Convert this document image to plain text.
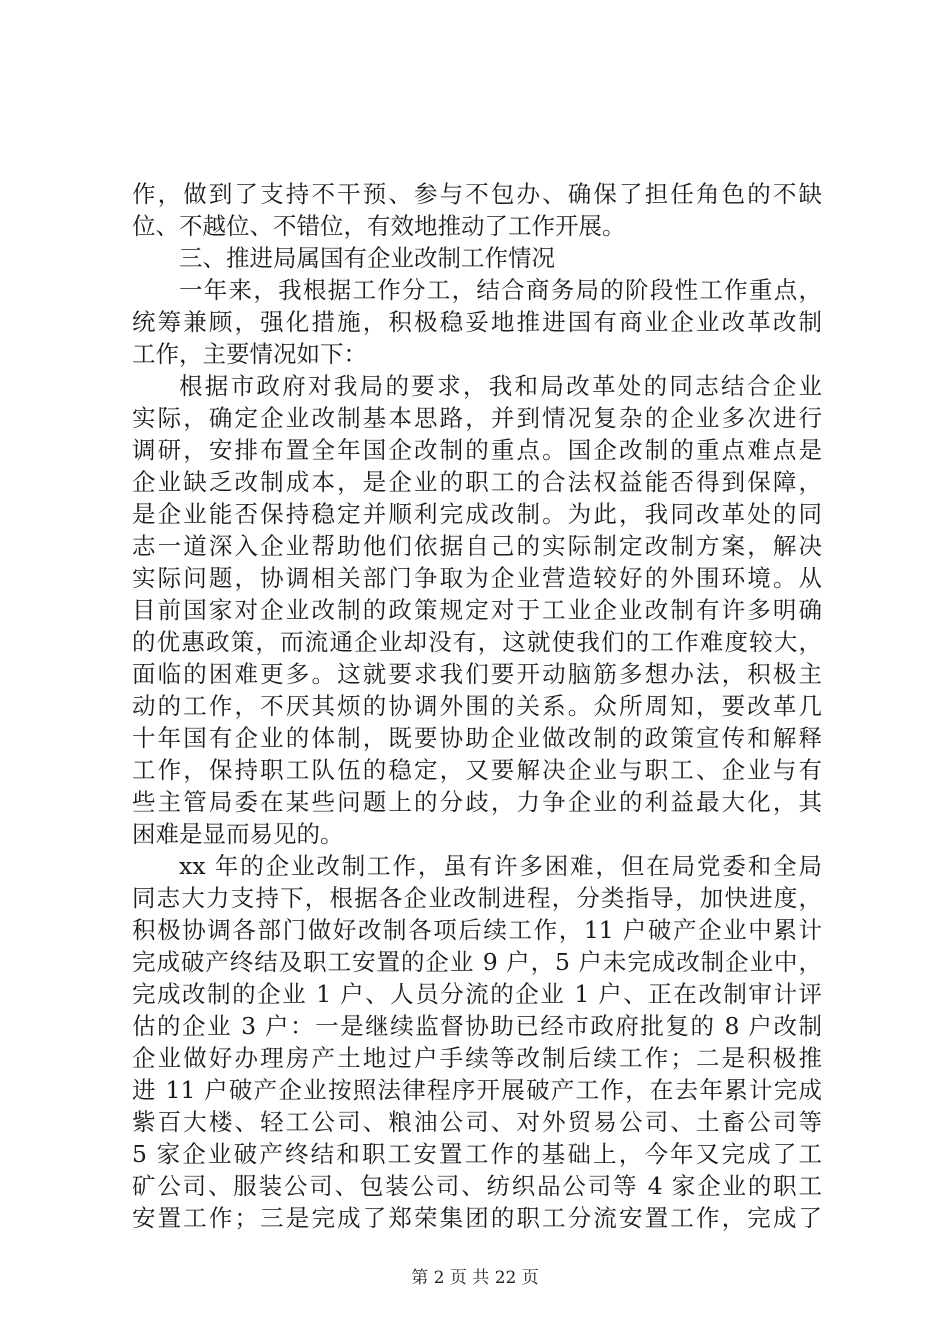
作，做到了支持不干预、参与不包办、确保了担任角色的不缺
位、不越位、不错位，有效地推动了工作开展。
三、推进局属国有企业改制工作情况
一年来，我根据工作分工，结合商务局的阶段性工作重点，
统筹兼顾，强化措施，积极稳妥地推进国有商业企业改革改制
工作，主要情况如下：
根据市政府对我局的要求，我和局改革处的同志结合企业
实际，确定企业改制基本思路，并到情况复杂的企业多次进行
调研，安排布置全年国企改制的重点。国企改制的重点难点是
企业缺乏改制成本，是企业的职工的合法权益能否得到保障，
是企业能否保持稳定并顺利完成改制。为此，我同改革处的同
志一道深入企业帮助他们依据自己的实际制定改制方案，解决
实际问题，协调相关部门争取为企业营造较好的外围环境。从
目前国家对企业改制的政策规定对于工业企业改制有许多明确
的优惠政策，而流通企业却没有，这就使我们的工作难度较大，
面临的困难更多。这就要求我们要开动脑筋多想办法，积极主
动的工作，不厌其烦的协调外围的关系。众所周知，要改革几
十年国有企业的体制，既要协助企业做改制的政策宣传和解释
工作，保持职工队伍的稳定，又要解决企业与职工、企业与有
些主管局委在某些问题上的分歧，力争企业的利益最大化，其
困难是显而易见的。
xx 年的企业改制工作，虽有许多困难，但在局党委和全局
同志大力支持下，根据各企业改制进程，分类指导，加快进度，
积极协调各部门做好改制各项后续工作，11 户破产企业中累计
完成破产终结及职工安置的企业 9 户，5 户未完成改制企业中，
完成改制的企业 1 户、人员分流的企业 1 户、正在改制审计评
估的企业 3 户：一是继续监督协助已经市政府批复的 8 户改制
企业做好办理房产土地过户手续等改制后续工作；二是积极推
进 11 户破产企业按照法律程序开展破产工作，在去年累计完成
紫百大楼、轻工公司、粮油公司、对外贸易公司、土畜公司等
5 家企业破产终结和职工安置工作的基础上，今年又完成了工
矿公司、服装公司、包装公司、纺织品公司等 4 家企业的职工
安置工作；三是完成了郑荣集团的职工分流安置工作，完成了
第 2 页 共 22 页
